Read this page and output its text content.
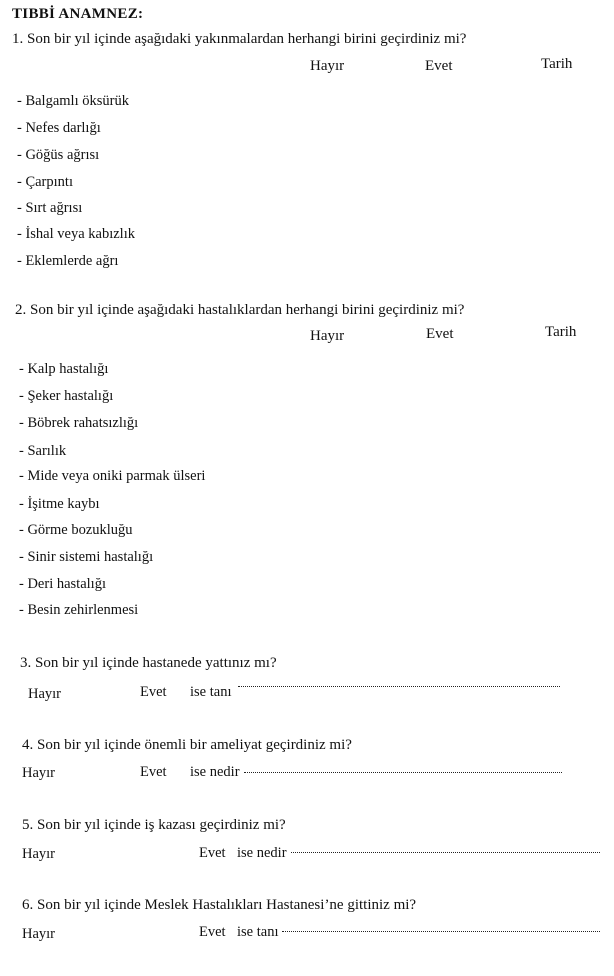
TIBBİ ANAMNEZ:
1. Son bir yıl içinde aşağıdaki yakınmalardan herhangi birini geçirdiniz mi?
Hayır	Evet	Tarih
- Balgamlı öksürük
- Nefes darlığı
- Göğüs ağrısı
- Çarpıntı
- Sırt ağrısı
- İshal veya kabızlık
- Eklemlerde ağrı
2. Son bir yıl içinde aşağıdaki hastalıklardan herhangi birini geçirdiniz mi?
Hayır	Evet	Tarih
- Kalp hastalığı
- Şeker hastalığı
- Böbrek rahatsızlığı
- Sarılık
- Mide veya oniki parmak ülseri
- İşitme kaybı
- Görme bozukluğu
- Sinir sistemi hastalığı
- Deri hastalığı
- Besin zehirlenmesi
3. Son bir yıl içinde hastanede yattınız mı?
Hayır	Evet ise tanı
4. Son bir yıl içinde önemli bir ameliyat geçirdiniz mi?
Hayır	Evet ise nedir
5. Son bir yıl içinde iş kazası geçirdiniz mi?
Hayır	Evet ise nedir
6. Son bir yıl içinde Meslek Hastalıkları Hastanesi’ne gittiniz mi?
Hayır	Evet ise tanı
